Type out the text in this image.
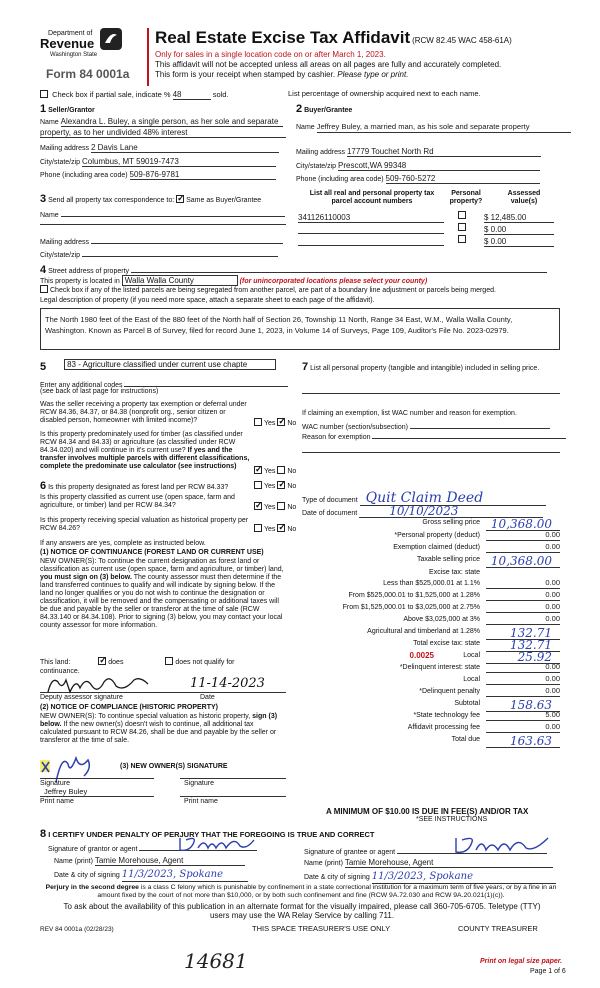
Department of
Revenue
Washington State
Form 84 0001a
Real Estate Excise Tax Affidavit (RCW 82.45 WAC 458-61A)
Only for sales in a single location code on or after March 1, 2023.
This affidavit will not be accepted unless all areas on all pages are fully and accurately completed.
This form is your receipt when stamped by cashier. Please type or print.
Check box if partial sale, indicate % 48	sold.	List percentage of ownership acquired next to each name.
1 Seller/Grantor
Name Alexandra L. Buley, a single person, as her sole and separate
property, as to her undivided 48% interest
Mailing address 2 Davis Lane
City/state/zip Columbus, MT 59019-7473
Phone (including area code) 509-876-9781
2 Buyer/Grantee
Name Jeffrey Buley, a married man, as his sole and separate property
Mailing address 17779 Touchet North Rd
City/state/zip Prescott,WA 99348
Phone (including area code) 509-760-5272
3 Send all property tax correspondence to: ✓ Same as Buyer/Grantee
Name
Mailing address
City/state/zip
List all real and personal property tax parcel account numbers
Personal property?
Assessed value(s)
341126110003	$ 12,485.00
$ 0.00
$ 0.00
4 Street address of property
This property is located in Walla Walla County	(for unincorporated locations please select your county)
Check box if any of the listed parcels are being segregated from another parcel, are part of a boundary line adjustment or parcels being merged.
Legal description of property (if you need more space, attach a separate sheet to each page of the affidavit).
The North 1980 feet of the East of the 880 feet of the North half of Section 26, Township 11 North, Range 34 East, W.M., Walla Walla County, Washington. Known as Parcel B of Survey, filed for record June 1, 2023, in Volume 14 of Surveys, Page 109, Auditor's File No. 2023-02979.
5	83 - Agriculture classified under current use chapte
Enter any additional codes
(see back of last page for instructions)
Was the seller receiving a property tax exemption or deferral under RCW 84.36, 84.37, or 84.38 (nonprofit org., senior citizen or disabled person, homeowner with limited income)?	Yes ✓ No
Is this property predominately used for timber (as classified under RCW 84.34 and 84.33) or agriculture (as classified under RCW 84.34.020) and will continue in it's current use? If yes and the transfer involves multiple parcels with different classifications, complete the predominate use calculator (see instructions)
✓Yes No
7 List all personal property (tangible and intangible) included in selling price.
If claiming an exemption, list WAC number and reason for exemption.
WAC number (section/subsection)
Reason for exemption
6 Is this property designated as forest land per RCW 84.33?	Yes ✓ No
Is this property classified as current use (open space, farm and agriculture, or timber) land per RCW 84.34? ✓	Yes No
Is this property receiving special valuation as historical property per RCW 84.26?	Yes ✓ No
If any answers are yes, complete as instructed below.
(1) NOTICE OF CONTINUANCE (FOREST LAND OR CURRENT USE)
NEW OWNER(S): To continue the current designation as forest land or classification as current use (open space, farm and agriculture, or timber) land, you must sign on (3) below. The county assessor must then determine if the land transferred continues to qualify and will indicate by signing below. If the land no longer qualifies or you do not wish to continue the designation or classification, it will be removed and the compensating or additional taxes will be due and payable by the seller or transferor at the time of sale (RCW 84.33.140 or 84.34.108). Prior to signing (3) below, you may contact your local county assessor for more information.
This land: ✓	does	does not qualify for
continuance.
11-14-2023
Deputy assessor signature	Date
(2) NOTICE OF COMPLIANCE (HISTORIC PROPERTY)
NEW OWNER(S): To continue special valuation as historic property, sign (3) below. If the new owner(s) doesn't wish to continue, all additional tax calculated pursuant to RCW 84.26, shall be due and payable by the seller or transferor at the time of sale.
(3) NEW OWNER(S) SIGNATURE
Signature	Signature
Jeffrey Buley
Print name	Print name
Type of document Quit Claim Deed
Date of document	10/10/2023
Gross selling price 10,368.00
*Personal property (deduct)	0.00
Exemption claimed (deduct)	0.00
Taxable selling price 10,368.00
Excise tax: state
Less than $525,000.01 at 1.1%	0.00
From $525,000.01 to $1,525,000 at 1.28%	0.00
From $1,525,000.01 to $3,025,000 at 2.75%	0.00
Above $3,025,000 at 3%	0.00
Agricultural and timberland at 1.28%	132.71
Total excise tax: state	132.71
Local
0.0025	25.92
*Delinquent interest: state	0.00
Local	0.00
*Delinquent penalty	0.00
Subtotal	158.63
*State technology fee	5.00
Affidavit processing fee	0.00
Total due	163.63
A MINIMUM OF $10.00 IS DUE IN FEE(S) AND/OR TAX
*SEE INSTRUCTIONS
8 I CERTIFY UNDER PENALTY OF PERJURY THAT THE FOREGOING IS TRUE AND CORRECT
Signature of grantor or agent
Name (print) Tamie Morehouse, Agent
Date & city of signing 11/3/2023, Spokane
Signature of grantee or agent
Name (print) Tamie Morehouse, Agent
Date & city of signing 11/3/2023, Spokane
Perjury in the second degree is a class C felony which is punishable by confinement in a state correctional institution for a maximum term of five years, or by a fine in an amount fixed by the court of not more than $10,000, or by both such confinement and fine (RCW 9A.72.030 and RCW 9A.20.021(1)(c)).
To ask about the availability of this publication in an alternate format for the visually impaired, please call 360-705-6705. Teletype (TTY) users may use the WA Relay Service by calling 711.
REV 84 0001a (02/28/23)	THIS SPACE TREASURER'S USE ONLY	COUNTY TREASURER
14681	Print on legal size paper.
Page 1 of 6
